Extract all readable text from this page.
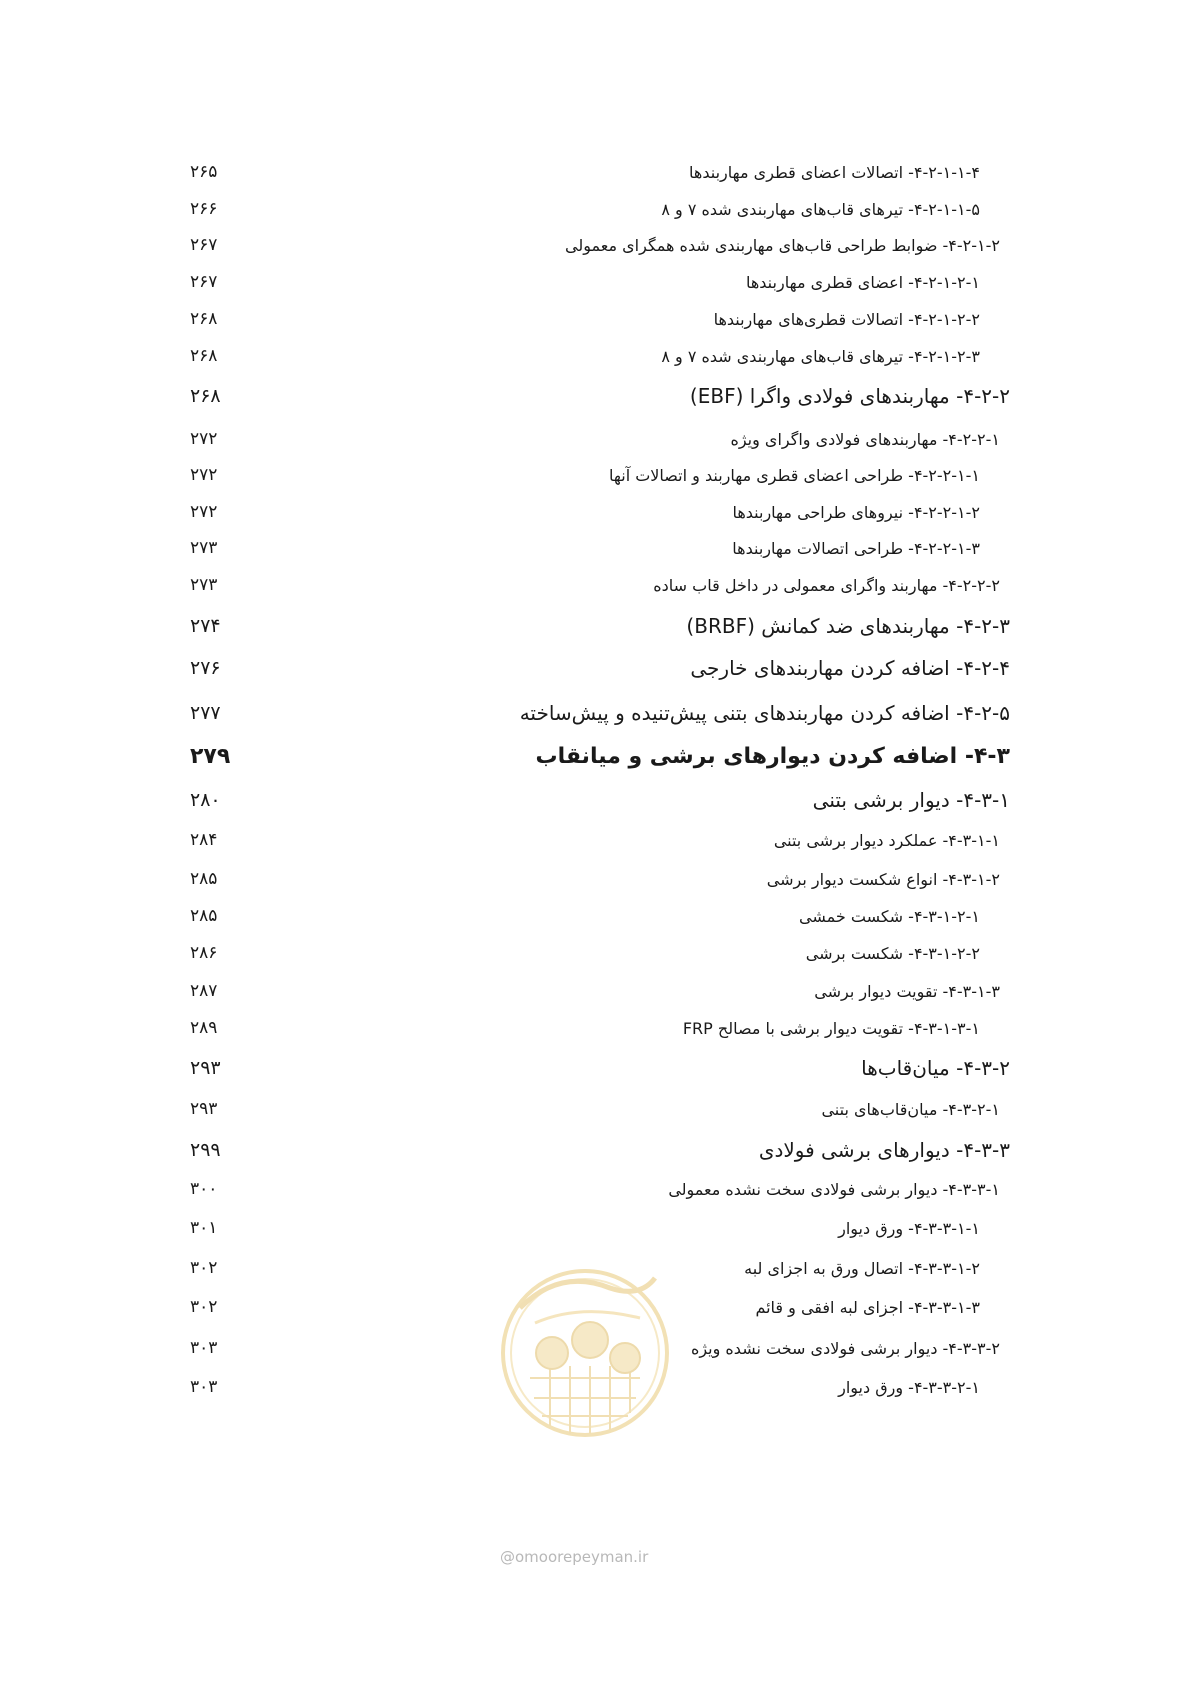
۲۶۵	۴-۲-۱-۱-۴- اتصالات اعضای قطری مهاربندها
۲۶۶	۴-۲-۱-۱-۵- تیرهای قاب‌های مهاربندی شده ۷ و ۸
۲۶۷	۴-۲-۱-۲- ضوابط طراحی قاب‌های مهاربندی شده همگرای معمولی
۲۶۷	۴-۲-۱-۲-۱- اعضای قطری مهاربندها
۲۶۸	۴-۲-۱-۲-۲- اتصالات قطری‌های مهاربندها
۲۶۸	۴-۲-۱-۲-۳- تیرهای قاب‌های مهاربندی شده ۷ و ۸
۲۶۸	۴-۲-۲- مهاربندهای فولادی واگرا (EBF)
۲۷۲	۴-۲-۲-۱- مهاربندهای فولادی واگرای ویژه
۲۷۲	۴-۲-۲-۱-۱- طراحی اعضای قطری مهاربند و اتصالات آنها
۲۷۲	۴-۲-۲-۱-۲- نیروهای طراحی مهاربندها
۲۷۳	۴-۲-۲-۱-۳- طراحی اتصالات مهاربندها
۲۷۳	۴-۲-۲-۲- مهاربند واگرای معمولی در داخل قاب ساده
۲۷۴	۴-۲-۳- مهاربندهای ضد کمانش (BRBF)
۲۷۶	۴-۲-۴- اضافه کردن مهاربندهای خارجی
۲۷۷	۴-۲-۵- اضافه کردن مهاربندهای بتنی پیش‌تنیده و پیش‌ساخته
۲۷۹	۴-۳- اضافه کردن دیوارهای برشی و میانقاب
۲۸۰	۴-۳-۱- دیوار برشی بتنی
۲۸۴	۴-۳-۱-۱- عملکرد دیوار برشی بتنی
۲۸۵	۴-۳-۱-۲- انواع شکست دیوار برشی
۲۸۵	۴-۳-۱-۲-۱- شکست خمشی
۲۸۶	۴-۳-۱-۲-۲- شکست برشی
۲۸۷	۴-۳-۱-۳- تقویت دیوار برشی
۲۸۹	۴-۳-۱-۳-۱- تقویت دیوار برشی با مصالح FRP
۲۹۳	۴-۳-۲- میان‌قاب‌ها
۲۹۳	۴-۳-۲-۱- میان‌قاب‌های بتنی
۲۹۹	۴-۳-۳- دیوارهای برشی فولادی
۳۰۰	۴-۳-۳-۱- دیوار برشی فولادی سخت نشده معمولی
۳۰۱	۴-۳-۳-۱-۱- ورق دیوار
۳۰۲	۴-۳-۳-۱-۲- اتصال ورق به اجزای لبه
۳۰۲	۴-۳-۳-۱-۳- اجزای لبه افقی و قائم
۳۰۳	۴-۳-۳-۲- دیوار برشی فولادی سخت نشده ویژه
۳۰۳	۴-۳-۳-۲-۱- ورق دیوار
@omoorepeyman.ir
